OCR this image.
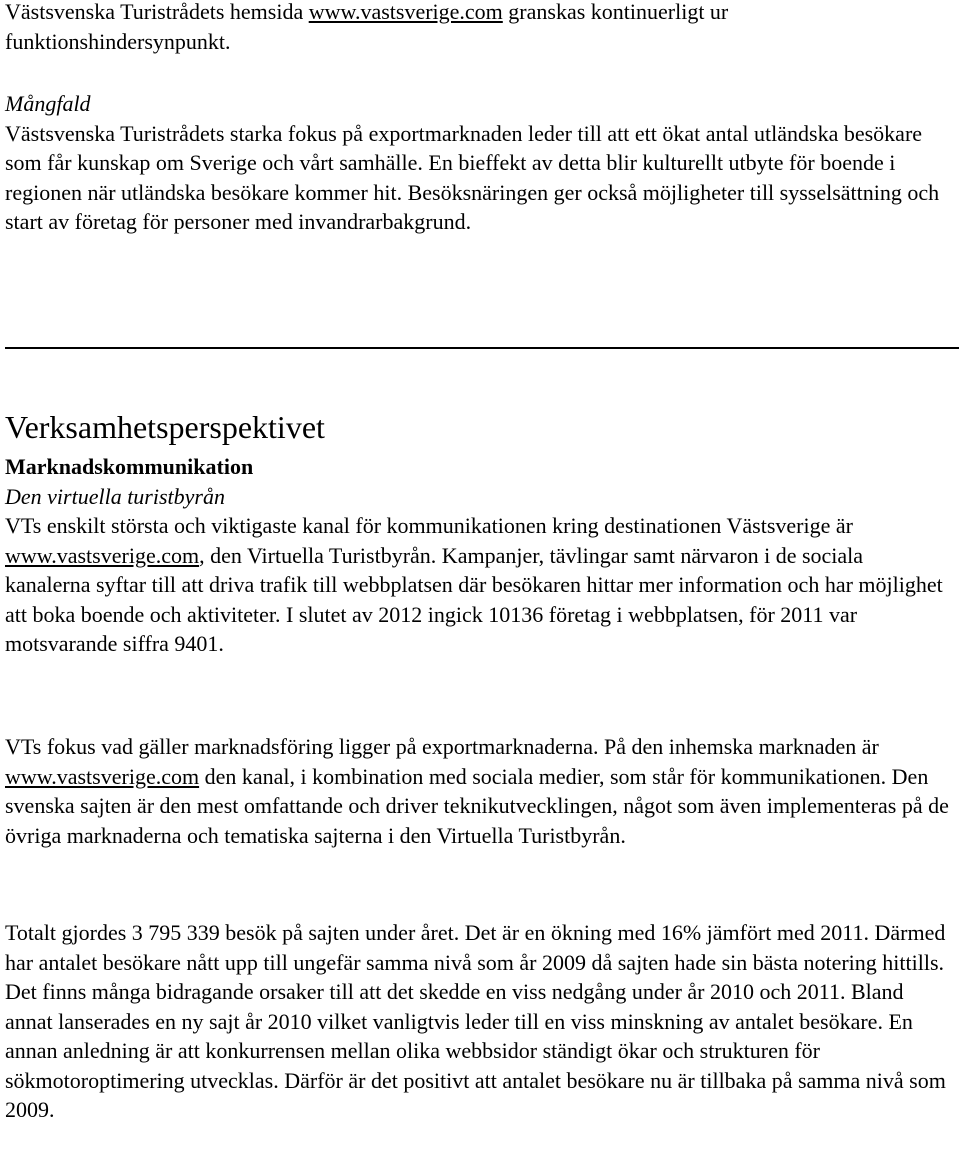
Västsvenska Turistrådets hemsida www.vastsverige.com granskas kontinuerligt ur funktionshindersynpunkt.

Mångfald

Västsvenska Turistrådets starka fokus på exportmarknaden leder till att ett ökat antal utländska besökare som får kunskap om Sverige och vårt samhälle. En bieffekt av detta blir kulturellt utbyte för boende i regionen när utländska besökare kommer hit. Besöksnäringen ger också möjligheter till sysselsättning och start av företag för personer med invandrarbakgrund.

Verksamhetsperspektivet

Marknadskommunikation

Den virtuella turistbyrån

VTs enskilt största och viktigaste kanal för kommunikationen kring destinationen Västsverige är www.vastsverige.com, den Virtuella Turistbyrån. Kampanjer, tävlingar samt närvaron i de sociala kanalerna syftar till att driva trafik till webbplatsen där besökaren hittar mer information och har möjlighet att boka boende och aktiviteter. I slutet av 2012 ingick 10136 företag i webbplatsen, för 2011 var motsvarande siffra 9401.

VTs fokus vad gäller marknadsföring ligger på exportmarknaderna. På den inhemska marknaden är www.vastsverige.com den kanal, i kombination med sociala medier, som står för kommunikationen. Den svenska sajten är den mest omfattande och driver teknikutvecklingen, något som även implementeras på de övriga marknaderna och tematiska sajterna i den Virtuella Turistbyrån.

Totalt gjordes 3 795 339 besök på sajten under året. Det är en ökning med 16% jämfört med 2011. Därmed har antalet besökare nått upp till ungefär samma nivå som år 2009 då sajten hade sin bästa notering hittills. Det finns många bidragande orsaker till att det skedde en viss nedgång under år 2010 och 2011. Bland annat lanserades en ny sajt år 2010 vilket vanligtvis leder till en viss minskning av antalet besökare. En annan anledning är att konkurrensen mellan olika webbsidor ständigt ökar och strukturen för sökmotoroptimering utvecklas. Därför är det positivt att antalet besökare nu är tillbaka på samma nivå som 2009.
